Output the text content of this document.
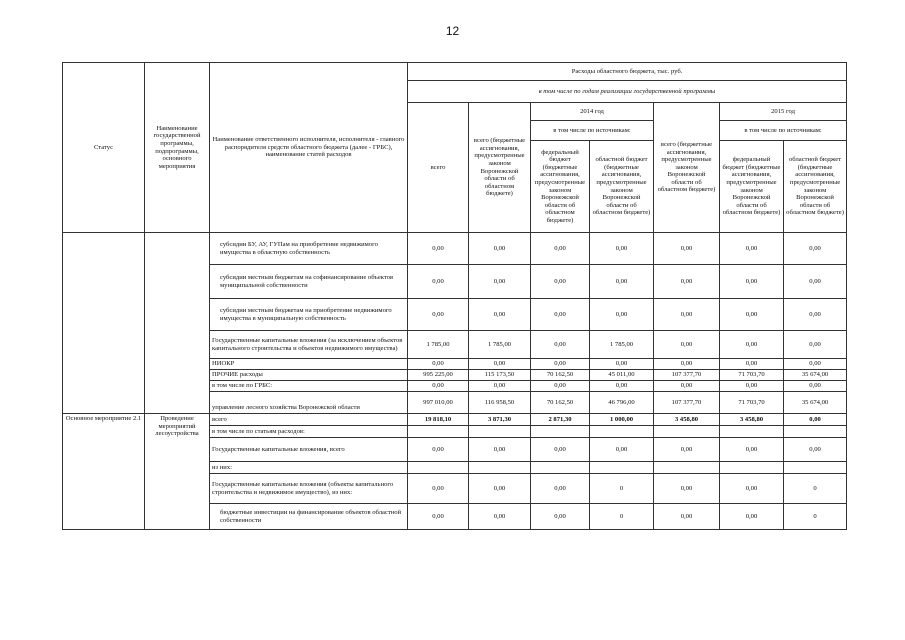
12
Статус	Наименование государственной программы, подпрограммы, основного мероприятия	Наименование ответственного исполнителя, исполнителя - главного распорядителя средств областного бюджета (далее - ГРБС), наименование статей расходов	Расходы областного бюджета, тыс. руб.						
			в том числе по годам реализации государственной программы						
			всего	всего (бюджетные ассигнования, предусмотренные законом Воронежской области об областном бюджете)	2014 год		всего (бюджетные ассигнования, предусмотренные законом Воронежской области об областном бюджете)	2015 год	
					в том числе по источникам:			в том числе по источникам:	
					федеральный бюджет (бюджетные ассигнования, предусмотренные законом Воронежской области об областном бюджете)	областной бюджет (бюджетные ассигнования, предусмотренные законом Воронежской области об областном бюджете)		федеральный бюджет (бюджетные ассигнования, предусмотренные законом Воронежской области об областном бюджете)	областной бюджет (бюджетные ассигнования, предусмотренные законом Воронежской области об областном бюджете)
		субсидии БУ, АУ, ГУПам на приобретение недвижимого имущества в областную собственность	0,00	0,00	0,00	0,00	0,00	0,00	0,00
		субсидии местным бюджетам на софинансирование объектов муниципальной собственности	0,00	0,00	0,00	0,00	0,00	0,00	0,00
		субсидии местным бюджетам на приобретение недвижимого имущества в муниципальную собственность	0,00	0,00	0,00	0,00	0,00	0,00	0,00
		Государственные капитальные вложения (за исключением объектов капитального строительства и объектов недвижимого имущества)	1 785,00	1 785,00	0,00	1 785,00	0,00	0,00	0,00
		НИОКР	0,00	0,00	0,00	0,00	0,00	0,00	0,00
		ПРОЧИЕ расходы	995 225,00	115 173,50	70 162,50	45 011,00	107 377,70	71 703,70	35 674,00
		в том числе по ГРБС:	0,00	0,00	0,00	0,00	0,00	0,00	0,00
		управление лесного хозяйства Воронежской области	997 010,00	116 958,50	70 162,50	46 796,00	107 377,70	71 703,70	35 674,00
Основное мероприятие 2.1	Проведение мероприятий лесоустройства	всего	19 818,10	3 871,30	2 871,30	1 000,00	3 458,80	3 458,80	0,00
		в том числе по статьям расходов:							
		Государственные капитальные вложения, всего	0,00	0,00	0,00	0,00	0,00	0,00	0,00
		из них:							
		Государственные капитальные вложения (объекты капитального строительства и недвижимое имущество), из них:	0,00	0,00	0,00	0	0,00	0,00	0
		бюджетные инвестиции на финансирование объектов областной собственности	0,00	0,00	0,00	0	0,00	0,00	0
